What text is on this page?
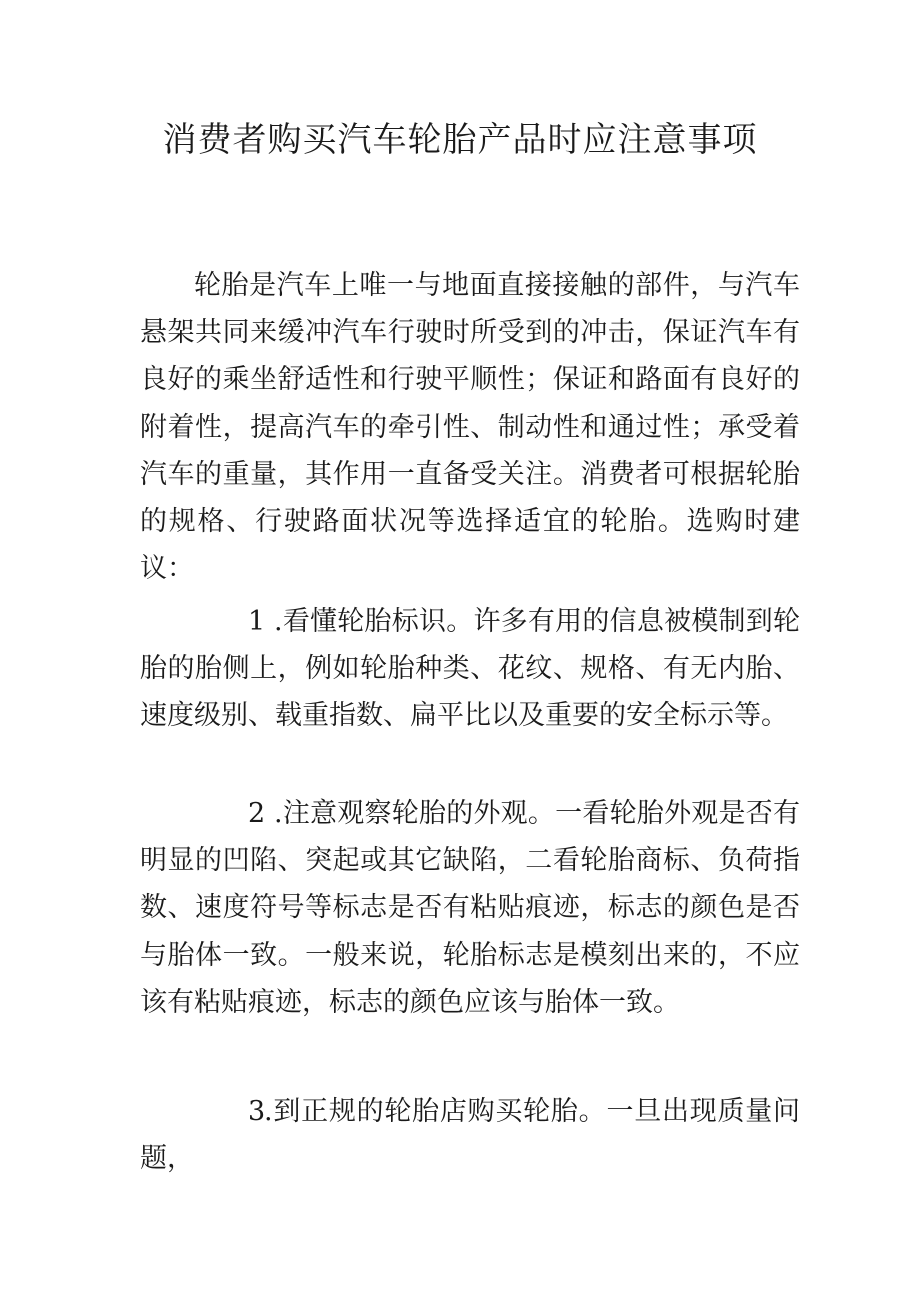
消费者购买汽车轮胎产品时应注意事项

轮胎是汽车上唯一与地面直接接触的部件，与汽车悬架共同来缓冲汽车行驶时所受到的冲击，保证汽车有良好的乘坐舒适性和行驶平顺性；保证和路面有良好的附着性，提高汽车的牵引性、制动性和通过性；承受着汽车的重量，其作用一直备受关注。消费者可根据轮胎的规格、行驶路面状况等选择适宜的轮胎。选购时建议：

1 .看懂轮胎标识。许多有用的信息被模制到轮胎的胎侧上，例如轮胎种类、花纹、规格、有无内胎、速度级别、载重指数、扁平比以及重要的安全标示等。

2 .注意观察轮胎的外观。一看轮胎外观是否有明显的凹陷、突起或其它缺陷，二看轮胎商标、负荷指数、速度符号等标志是否有粘贴痕迹，标志的颜色是否与胎体一致。一般来说，轮胎标志是模刻出来的，不应该有粘贴痕迹，标志的颜色应该与胎体一致。

3.到正规的轮胎店购买轮胎。一旦出现质量问题，
